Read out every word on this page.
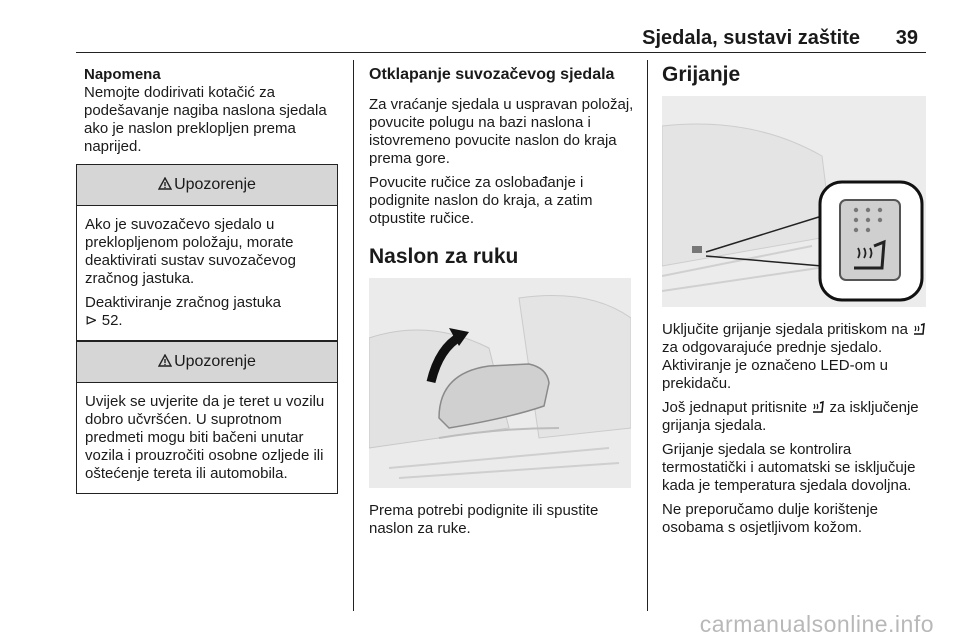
Sjedala, sustavi zaštite 39

Napomena

Nemojte dodirivati kotačić za podešavanje nagiba naslona sjedala ako je naslon preklopljen prema naprijed.

Upozorenje

Ako je suvozačevo sjedalo u preklopljenom položaju, morate deaktivirati sustav suvozačevog zračnog jastuka.

Deaktiviranje zračnog jastuka
⊳ 52.

Upozorenje

Uvijek se uvjerite da je teret u vozilu dobro učvršćen. U suprotnom predmeti mogu biti bačeni unutar vozila i prouzročiti osobne ozljede ili oštećenje tereta ili automobila.

Otklapanje suvozačevog sjedala

Za vraćanje sjedala u uspravan položaj, povucite polugu na bazi naslona i istovremeno povucite naslon do kraja prema gore.

Povucite ručice za oslobađanje i podignite naslon do kraja, a zatim otpustite ručice.

Naslon za ruku

Prema potrebi podignite ili spustite naslon za ruke.

Grijanje

Uključite grijanje sjedala pritiskom na  za odgovarajuće prednje sjedalo. Aktiviranje je označeno LED-om u prekidaču.

Još jednaput pritisnite za isključenje grijanja sjedala.

Grijanje sjedala se kontrolira termostatički i automatski se isključuje kada je temperatura sjedala dovoljna.

Ne preporučamo dulje korištenje osobama s osjetljivom kožom.

carmanualsonline.info
